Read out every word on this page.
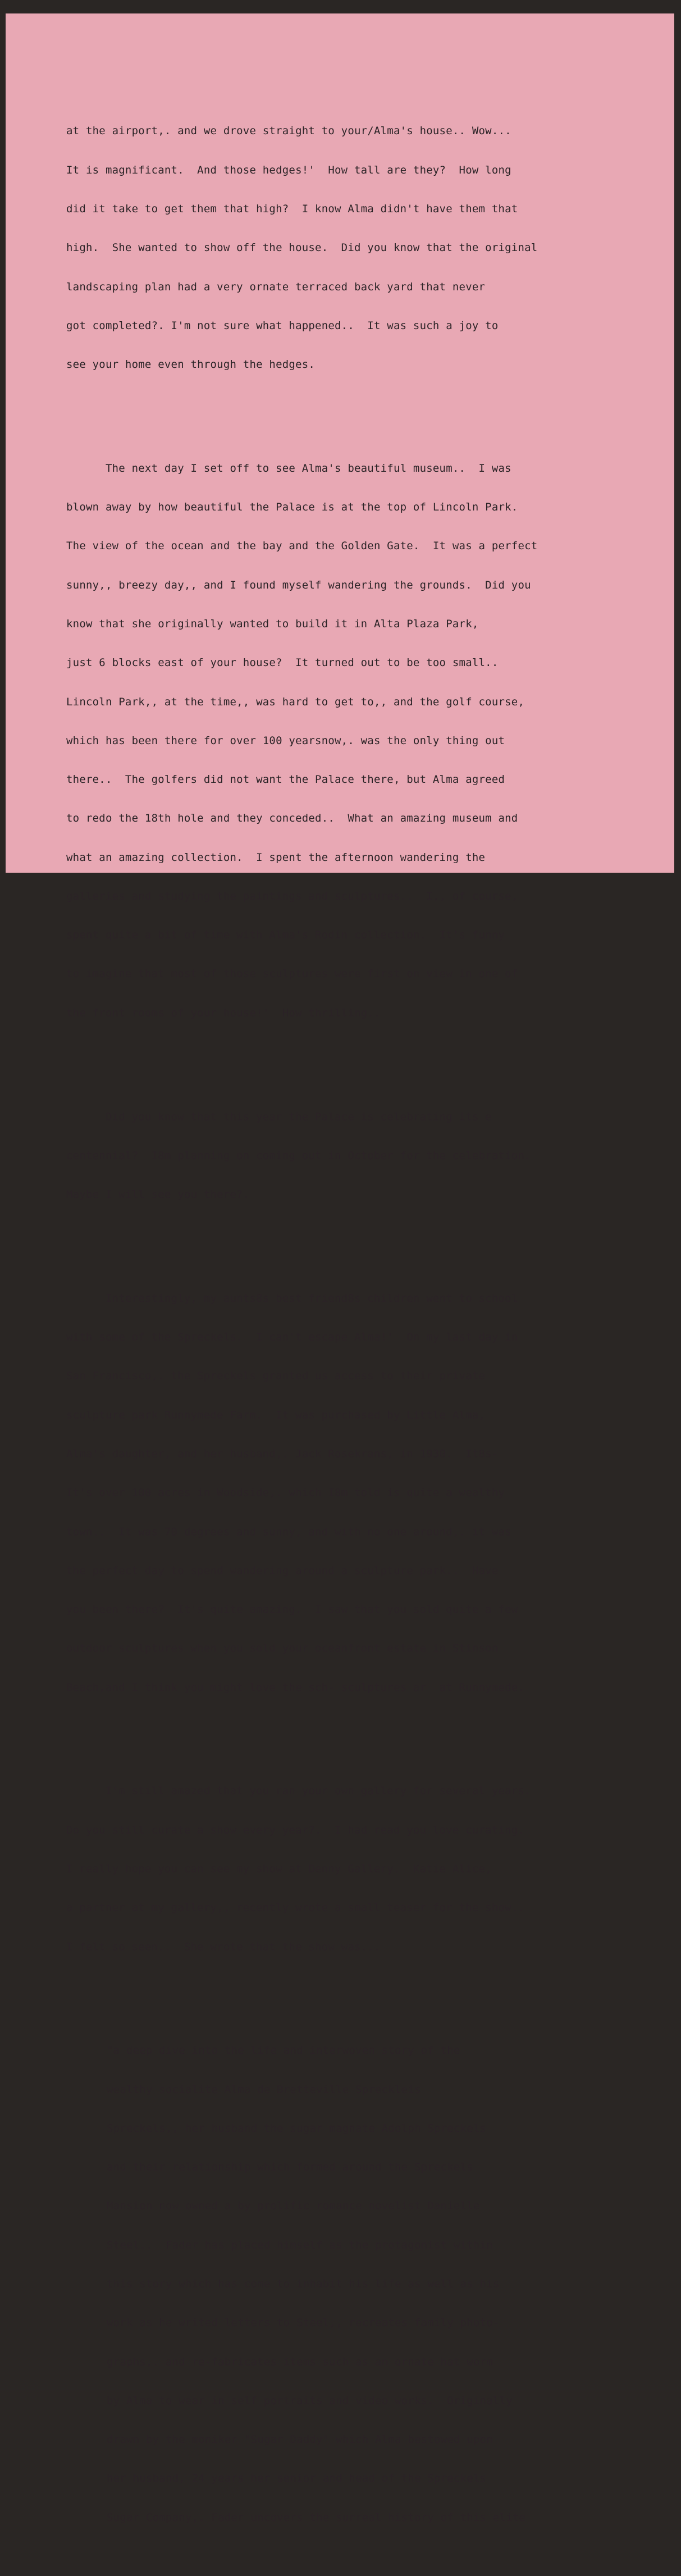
at the airport,. and we drove straight to your/Alma's house.. Wow...

It is magnificant.  And those hedges!'  How tall are they?  How long

did it take to get them that high?  I know Alma didn't have them that

high.  She wanted to show off the house.  Did you know that the original

landscaping plan had a very ornate terraced back yard that never

got completed?. I'm not sure what happened..  It was such a joy to

see your home even through the hedges.

The next day I set off to see Alma's beautiful museum..  I was

blown away by how beautiful the Palace is at the top of Lincoln Park.

The view of the ocean and the bay and the Golden Gate.  It was a perfect

sunny,, breezy day,, and I found myself wandering the grounds.  Did you

know that she originally wanted to build it in Alta Plaza Park,

just 6 blocks east of your house?  It turned out to be too small..

Lincoln Park,, at the time,, was hard to get to,, and the golf course,

which has been there for over 100 yearsnow,. was the only thing out

there..  The golfers did not want the Palace there, but Alma agreed

to redo the 18th hole and they conceded..  What an amazing museum and

what an amazing collection.  I spent the afternoon wandering the

galleries and studying the paintings and sculptures..  I,, of course,

spent quite a bit of time with Alma's Rodin collection.  It's funny

to imagine that most of those sculptures were first on view in one of

the front rooms of your house!'  How thrilling..

Did you know that this year the Palace is celebrating its e

centennial?  I8m planning on coming out in October for the celebration.

Maybe I will see you there?.

Interestingly, my aunts8s best friend8s children went to school

with some of the Spreckels.  I can't escape Alma!'  On my last day in

San Francisco,. the Spreckels granted us access to their private

sculpture park Runnymede Farm.  It was purchased by Little Alma,

Alma's daughter, and her husband,. Jack Rosekrans, in 1930.  It8s-

It's over 100 acres in Woodside,. which I8m told is quite a wealthy

town..  It was 70 degrees and sunny, and with no one around,. it was

the perfect day to spend wandering around a sculpture park..  Have

you been there?  It's quite amazing.  I saw that you sold quite a few

outdoor sculptures when you sold your oceanfront estate in Stinson

Beach,and I think you might love the sch- sculptures ar  at Runnymede.

I'm still amazed that you ran your own gallery for several years.

Do you still curate a show every year?.  I had read you love curating.

I really hope you can see my show at Denny Gallery.  Katie Alice,

a partner at my gallery,, recently wrote a small teaser for the show..

I felt so seen..  She wrote that the show was...

"a deep dive into the life and interwoven story of the

wealthy socialite Alma de Bretteville Spreckleis

Spreckels,, her husband the sugar magnate Adolph Spreckels

and their relationship which formed around the Spreckels

Mansion now owned a by prolific romance novelist Danielle

Steel..  Fader has placed himself as the protagonist within

this story which has come to inhabit his life as well as his

work as he writed letters to Steel,, recreates family photo-

graphs,. and re-fabricates items such as an ornate hat worm

by Alma to wear in self portraits and video works.  Originally

drawn by the moniker "Sugar Daddy" which Alma bestowed upon

her husband, 24 years her senior and head of the Spreckels

Sugar Company,. Fader uncovers the surreal history of this elite
